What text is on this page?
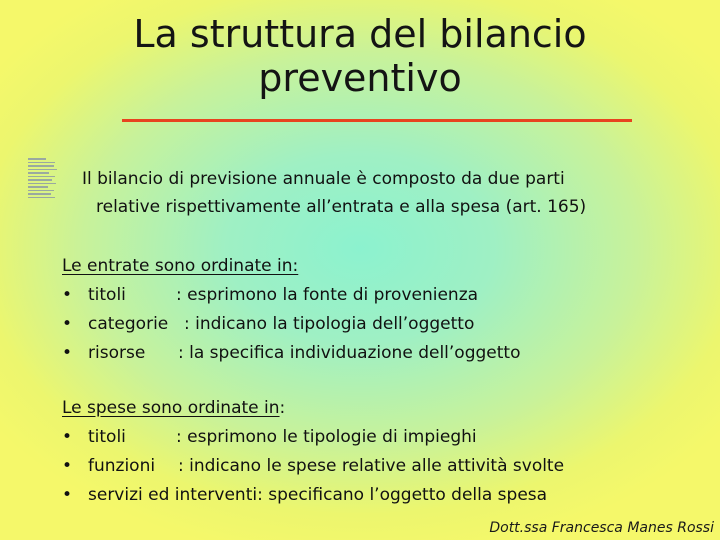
La struttura del bilancio
preventivo

Il bilancio di previsione annuale è composto da due parti
relative rispettivamente all’entrata e alla spesa (art. 165)

Le entrate sono ordinate in:

• titoli	: esprimono la fonte di provenienza
• categorie : indicano la tipologia dell’oggetto
• risorse	: la specifica individuazione dell’oggetto

Le spese sono ordinate in:

• titoli	: esprimono le tipologie di impieghi
• funzioni	: indicano le spese relative alle attività svolte
• servizi ed interventi : specificano l’oggetto della spesa
Dott.ssa Francesca Manes Rossi
